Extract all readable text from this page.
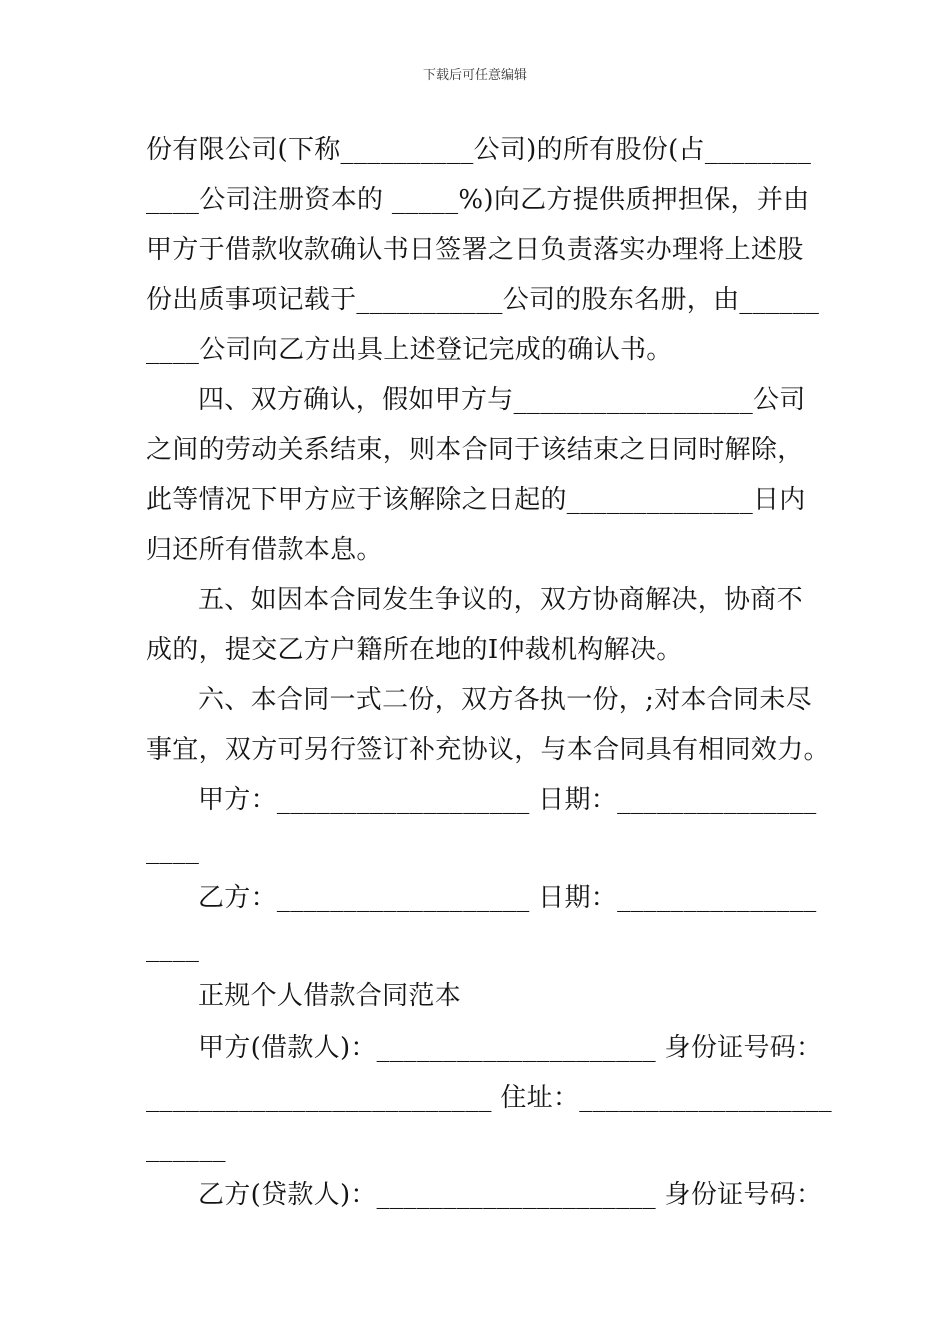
下载后可任意编辑
份有限公司(下称__________公司)的所有股份(占________
____公司注册资本的 _____%)向乙方提供质押担保，并由
甲方于借款收款确认书日签署之日负责落实办理将上述股
份出质事项记载于___________公司的股东名册，由______
____公司向乙方出具上述登记完成的确认书。
四、双方确认，假如甲方与__________________公司
之间的劳动关系结束，则本合同于该结束之日同时解除，
此等情况下甲方应于该解除之日起的______________日内
归还所有借款本息。
五、如因本合同发生争议的，双方协商解决，协商不
成的，提交乙方户籍所在地的Ⅰ仲裁机构解决。
六、本合同一式二份，双方各执一份，;对本合同未尽
事宜，双方可另行签订补充协议，与本合同具有相同效力。
甲方：___________________ 日期：_______________
____
乙方：___________________ 日期：_______________
____
正规个人借款合同范本
甲方(借款人)：_____________________ 身份证号码：
__________________________ 住址：___________________
______
乙方(贷款人)：_____________________ 身份证号码：
